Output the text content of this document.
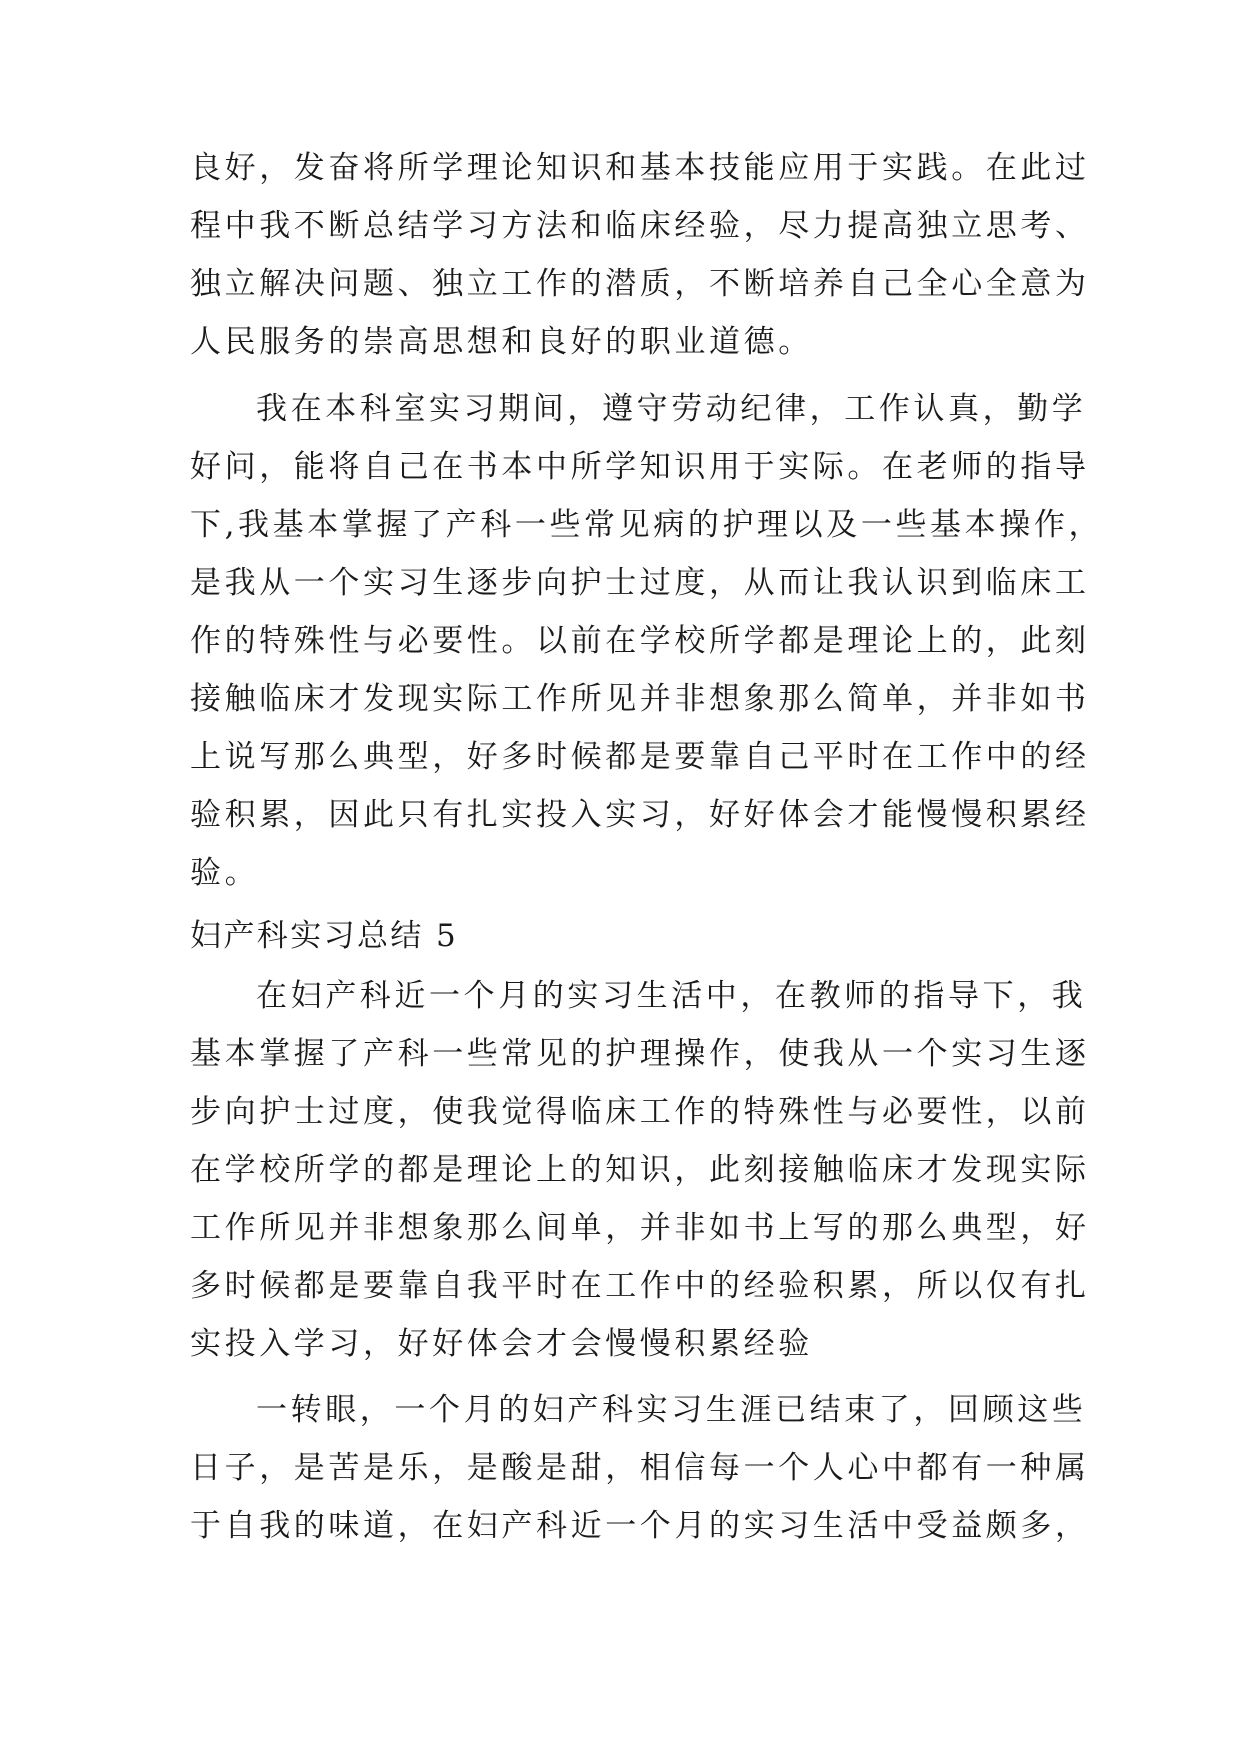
良好，发奋将所学理论知识和基本技能应用于实践。在此过

程中我不断总结学习方法和临床经验，尽力提高独立思考、

独立解决问题、独立工作的潜质，不断培养自己全心全意为

人民服务的崇高思想和良好的职业道德。

我在本科室实习期间，遵守劳动纪律，工作认真，勤学

好问，能将自己在书本中所学知识用于实际。在老师的指导

下,我基本掌握了产科一些常见病的护理以及一些基本操作，

是我从一个实习生逐步向护士过度，从而让我认识到临床工

作的特殊性与必要性。以前在学校所学都是理论上的，此刻

接触临床才发现实际工作所见并非想象那么简单，并非如书

上说写那么典型，好多时候都是要靠自己平时在工作中的经

验积累，因此只有扎实投入实习，好好体会才能慢慢积累经

验。

妇产科实习总结 5

在妇产科近一个月的实习生活中，在教师的指导下，我

基本掌握了产科一些常见的护理操作，使我从一个实习生逐

步向护士过度，使我觉得临床工作的特殊性与必要性，以前

在学校所学的都是理论上的知识，此刻接触临床才发现实际

工作所见并非想象那么间单，并非如书上写的那么典型，好

多时候都是要靠自我平时在工作中的经验积累，所以仅有扎

实投入学习，好好体会才会慢慢积累经验

一转眼，一个月的妇产科实习生涯已结束了，回顾这些

日子，是苦是乐，是酸是甜，相信每一个人心中都有一种属

于自我的味道，在妇产科近一个月的实习生活中受益颇多，
